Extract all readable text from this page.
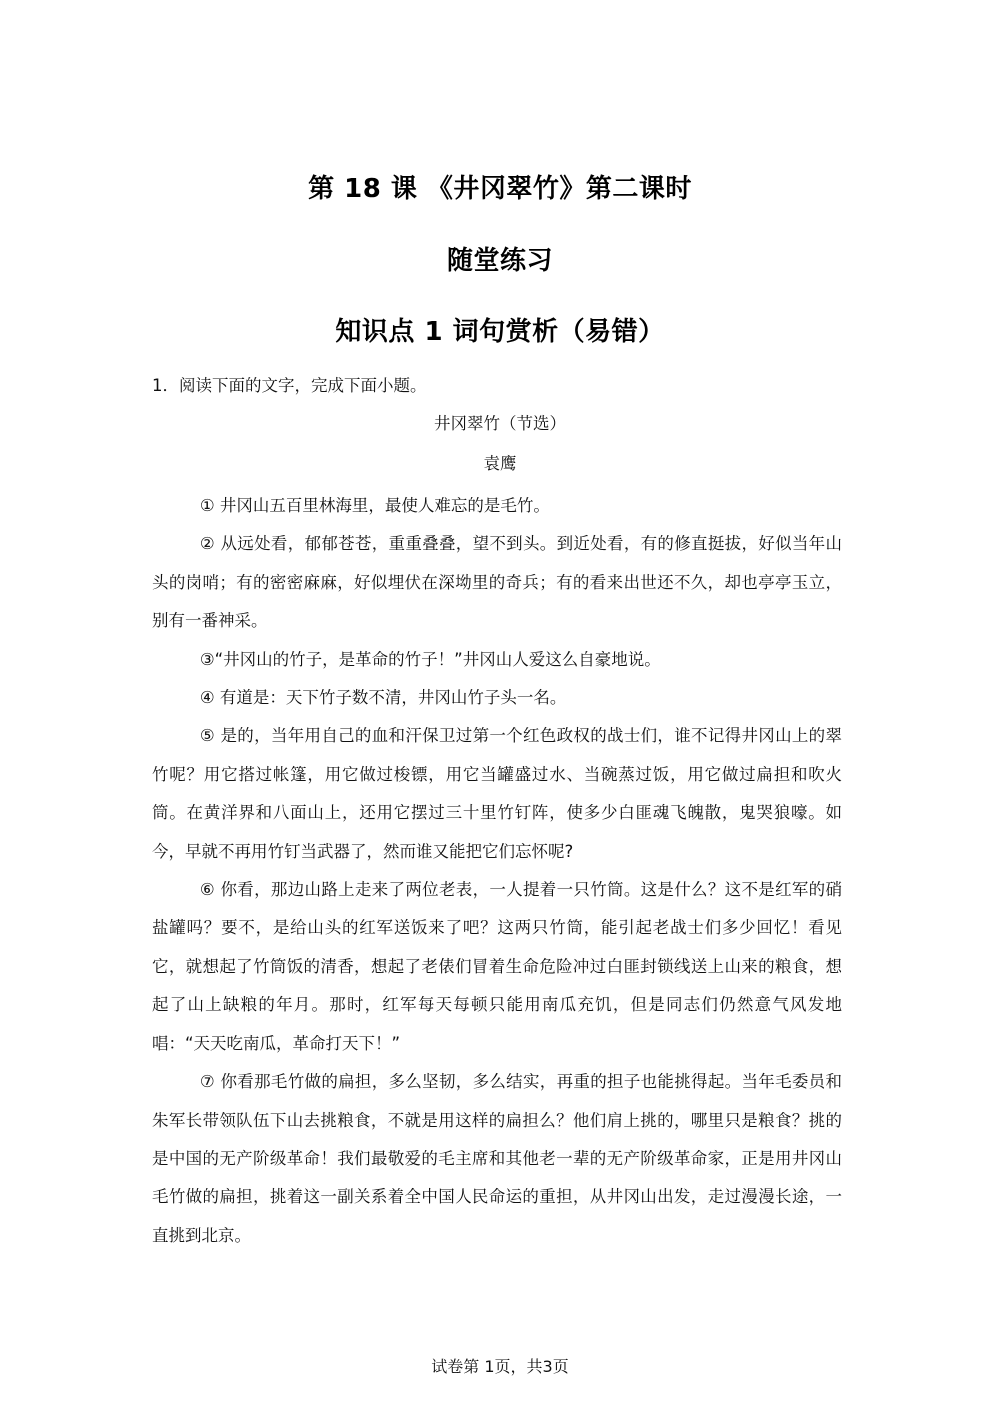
第 18 课 《井冈翠竹》第二课时
随堂练习
知识点 1 词句赏析（易错）
1．阅读下面的文字，完成下面小题。
井冈翠竹（节选）
袁鹰

① 井冈山五百里林海里，最使人难忘的是毛竹。

② 从远处看，郁郁苍苍，重重叠叠，望不到头。到近处看，有的修直挺拔，好似当年山头的岗哨；有的密密麻麻，好似埋伏在深坳里的奇兵；有的看来出世还不久，却也亭亭玉立，别有一番神采。

③“井冈山的竹子，是革命的竹子！”井冈山人爱这么自豪地说。

④ 有道是：天下竹子数不清，井冈山竹子头一名。

⑤ 是的，当年用自己的血和汗保卫过第一个红色政权的战士们，谁不记得井冈山上的翠竹呢？用它搭过帐篷，用它做过梭镖，用它当罐盛过水、当碗蒸过饭，用它做过扁担和吹火筒。在黄洋界和八面山上，还用它摆过三十里竹钉阵，使多少白匪魂飞魄散，鬼哭狼嚎。如今，早就不再用竹钉当武器了，然而谁又能把它们忘怀呢?

⑥ 你看，那边山路上走来了两位老表，一人提着一只竹筒。这是什么？这不是红军的硝盐罐吗？要不，是给山头的红军送饭来了吧？这两只竹筒，能引起老战士们多少回忆！看见它，就想起了竹筒饭的清香，想起了老俵们冒着生命危险冲过白匪封锁线送上山来的粮食，想起了山上缺粮的年月。那时，红军每天每顿只能用南瓜充饥，但是同志们仍然意气风发地唱：“天天吃南瓜，革命打天下！”

⑦ 你看那毛竹做的扁担，多么坚韧，多么结实，再重的担子也能挑得起。当年毛委员和朱军长带领队伍下山去挑粮食，不就是用这样的扁担么？他们肩上挑的，哪里只是粮食？挑的是中国的无产阶级革命！我们最敬爱的毛主席和其他老一辈的无产阶级革命家，正是用井冈山毛竹做的扁担，挑着这一副关系着全中国人民命运的重担，从井冈山出发，走过漫漫长途，一直挑到北京。

试卷第 1页，共3页
